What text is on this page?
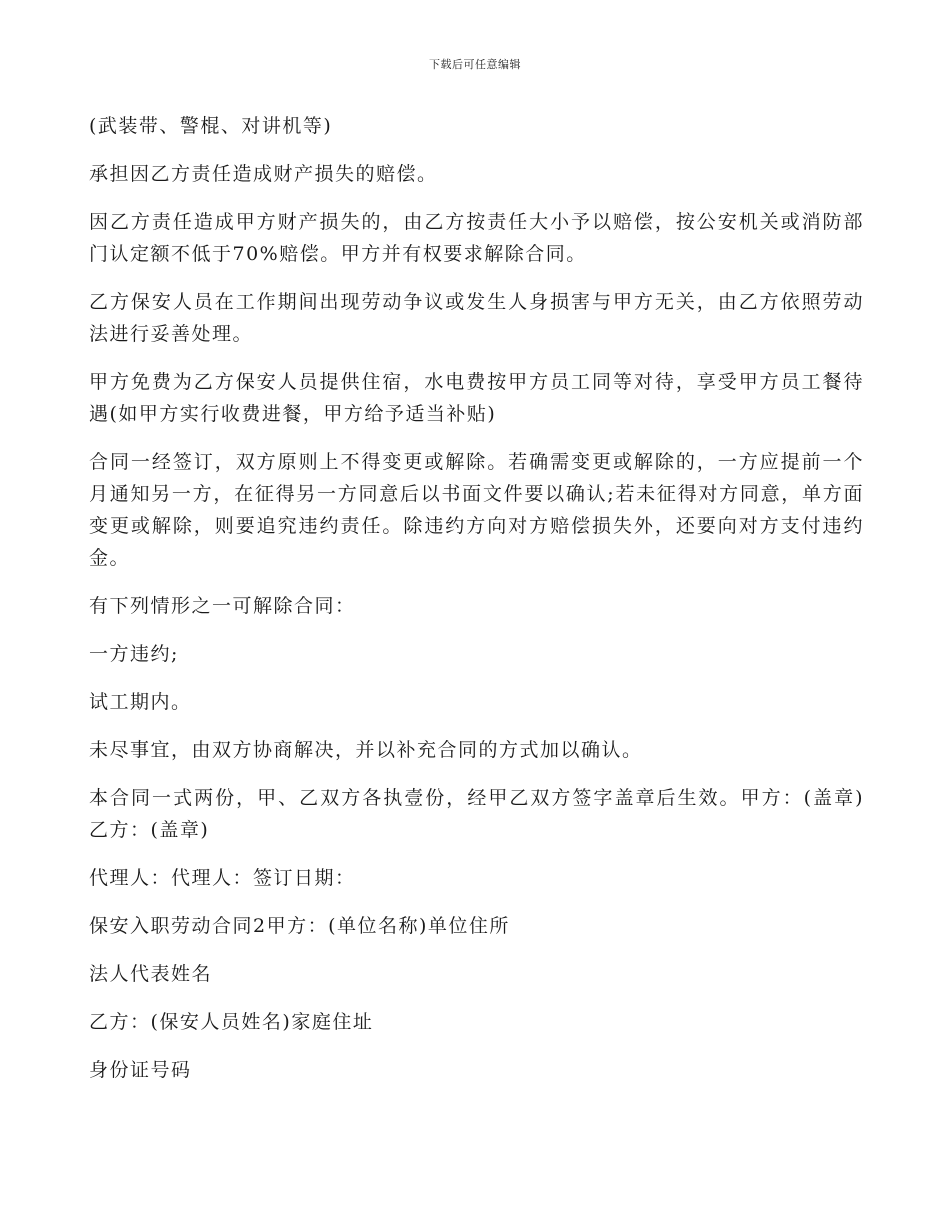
下载后可任意编辑

(武装带、警棍、对讲机等)

承担因乙方责任造成财产损失的赔偿。

因乙方责任造成甲方财产损失的，由乙方按责任大小予以赔偿，按公安机关或消防部门认定额不低于70%赔偿。甲方并有权要求解除合同。

乙方保安人员在工作期间出现劳动争议或发生人身损害与甲方无关，由乙方依照劳动法进行妥善处理。

甲方免费为乙方保安人员提供住宿，水电费按甲方员工同等对待，享受甲方员工餐待遇(如甲方实行收费进餐，甲方给予适当补贴)

合同一经签订，双方原则上不得变更或解除。若确需变更或解除的，一方应提前一个月通知另一方，在征得另一方同意后以书面文件要以确认;若未征得对方同意，单方面变更或解除，则要追究违约责任。除违约方向对方赔偿损失外，还要向对方支付违约金。

有下列情形之一可解除合同：

一方违约;

试工期内。

未尽事宜，由双方协商解决，并以补充合同的方式加以确认。

本合同一式两份，甲、乙双方各执壹份，经甲乙双方签字盖章后生效。甲方：(盖章)乙方：(盖章)

代理人：代理人：签订日期：

保安入职劳动合同2甲方：(单位名称)单位住所

法人代表姓名

乙方：(保安人员姓名)家庭住址

身份证号码
